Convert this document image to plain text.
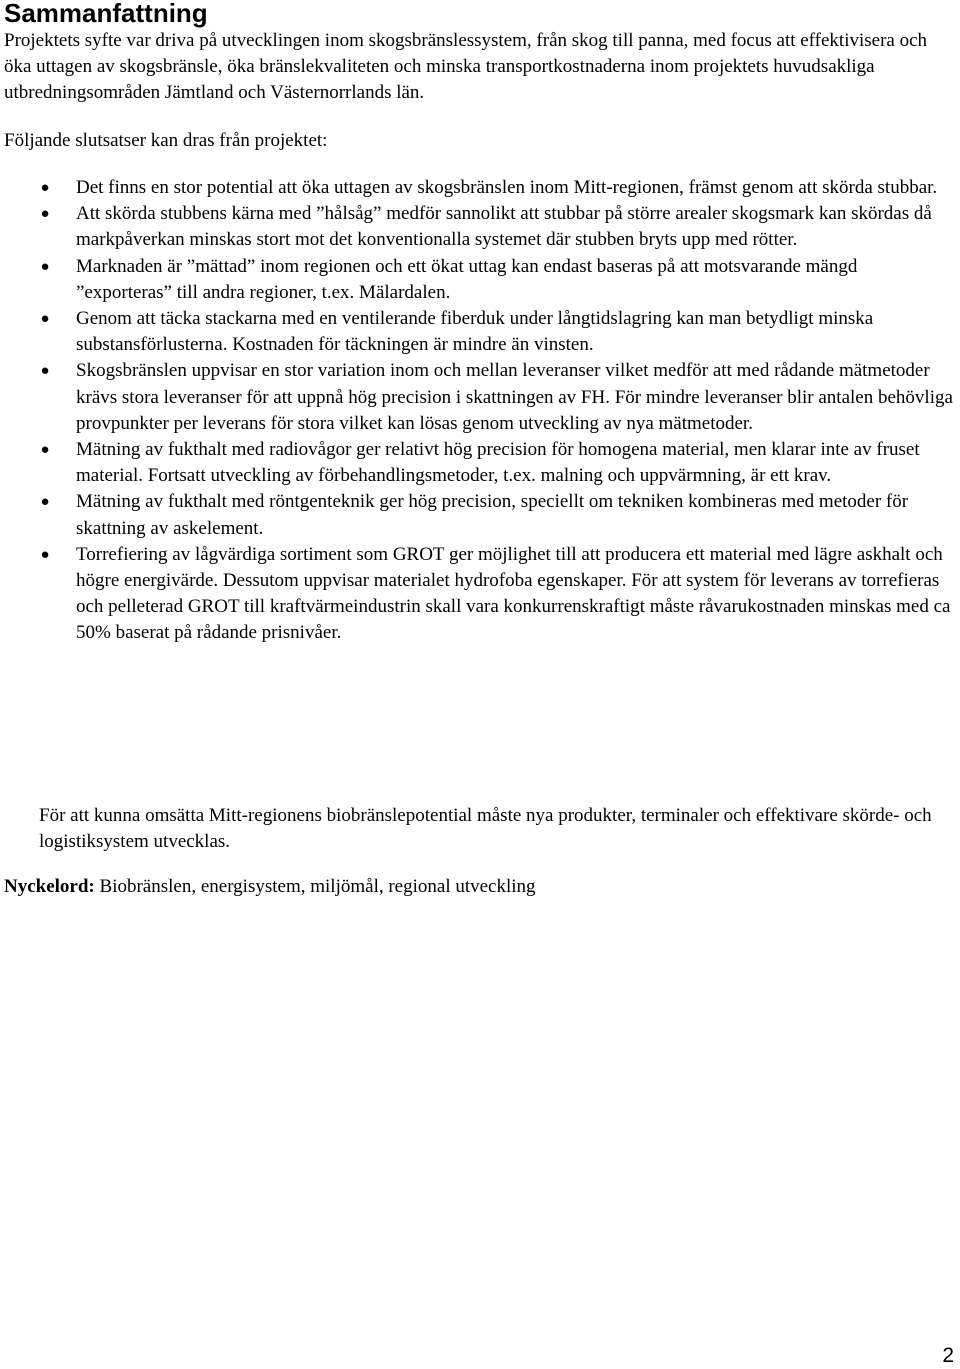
Sammanfattning

Projektets syfte var driva på utvecklingen inom skogsbränslessystem, från skog till panna, med focus att effektivisera och öka uttagen av skogsbränsle, öka bränslekvaliteten och minska transportkostnaderna inom projektets huvudsakliga utbredningsområden Jämtland och Västernorrlands län.

Följande slutsatser kan dras från projektet:

● Det finns en stor potential att öka uttagen av skogsbränslen inom Mitt-regionen, främst genom att skörda stubbar.
● Att skörda stubbens kärna med ”hålsåg” medför sannolikt att stubbar på större arealer skogsmark kan skördas då markpåverkan minskas stort mot det konventionalla systemet där stubben bryts upp med rötter.
● Marknaden är ”mättad” inom regionen och ett ökat uttag kan endast baseras på att motsvarande mängd ”exporteras” till andra regioner, t.ex. Mälardalen.
● Genom att täcka stackarna med en ventilerande fiberduk under långtidslagring kan man betydligt minska substansförlusterna. Kostnaden för täckningen är mindre än vinsten.
● Skogsbränslen uppvisar en stor variation inom och mellan leveranser vilket medför att med rådande mätmetoder krävs stora leveranser för att uppnå hög precision i skattningen av FH. För mindre leveranser blir antalen behövliga provpunkter per leverans för stora vilket kan lösas genom utveckling av nya mätmetoder.
● Mätning av fukthalt med radiovågor ger relativt hög precision för homogena material, men klarar inte av fruset material. Fortsatt utveckling av förbehandlingsmetoder, t.ex. malning och uppvärmning, är ett krav.
● Mätning av fukthalt med röntgenteknik ger hög precision, speciellt om tekniken kombineras med metoder för skattning av askelement.
● Torrefiering av lågvärdiga sortiment som GROT ger möjlighet till att producera ett material med lägre askhalt och högre energivärde. Dessutom uppvisar materialet hydrofoba egenskaper. För att system för leverans av torrefieras och pelleterad GROT till kraftvärmeindustrin skall vara konkurrenskraftigt måste råvarukostnaden minskas med ca 50% baserat på rådande prisnivåer.

För att kunna omsätta Mitt-regionens biobränslepotential måste nya produkter, terminaler och effektivare skörde- och logistiksystem utvecklas.

Nyckelord: Biobränslen, energisystem, miljömål, regional utveckling

2
